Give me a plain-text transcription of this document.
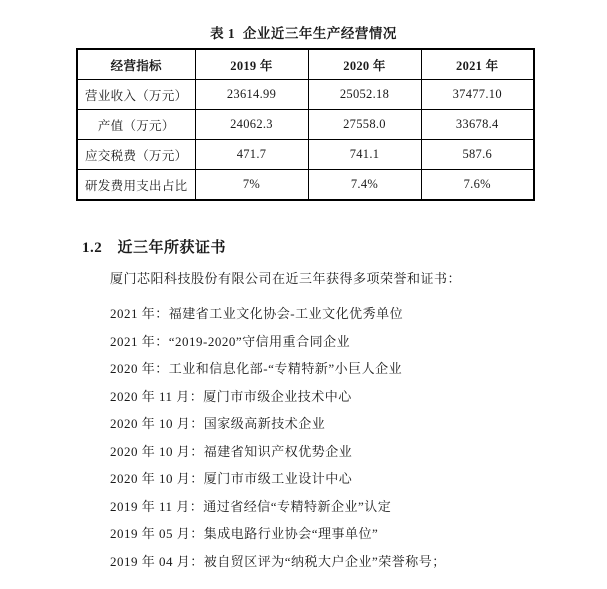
表 1  企业近三年生产经营情况
经营指标	2019 年	2020 年	2021 年
营业收入（万元）	23614.99	25052.18	37477.10
产值（万元）	24062.3	27558.0	33678.4
应交税费（万元）	471.7	741.1	587.6
研发费用支出占比	7%	7.4%	7.6%
1.2 近三年所获证书

厦门芯阳科技股份有限公司在近三年获得多项荣誉和证书：

2021 年：福建省工业文化协会-工业文化优秀单位
2021 年：“2019-2020”守信用重合同企业
2020 年：工业和信息化部-“专精特新”小巨人企业
2020 年 11 月：厦门市市级企业技术中心
2020 年 10 月：国家级高新技术企业
2020 年 10 月：福建省知识产权优势企业
2020 年 10 月：厦门市市级工业设计中心
2019 年 11 月：通过省经信“专精特新企业”认定
2019 年 05 月：集成电路行业协会“理事单位”
2019 年 04 月：被自贸区评为“纳税大户企业”荣誉称号；
